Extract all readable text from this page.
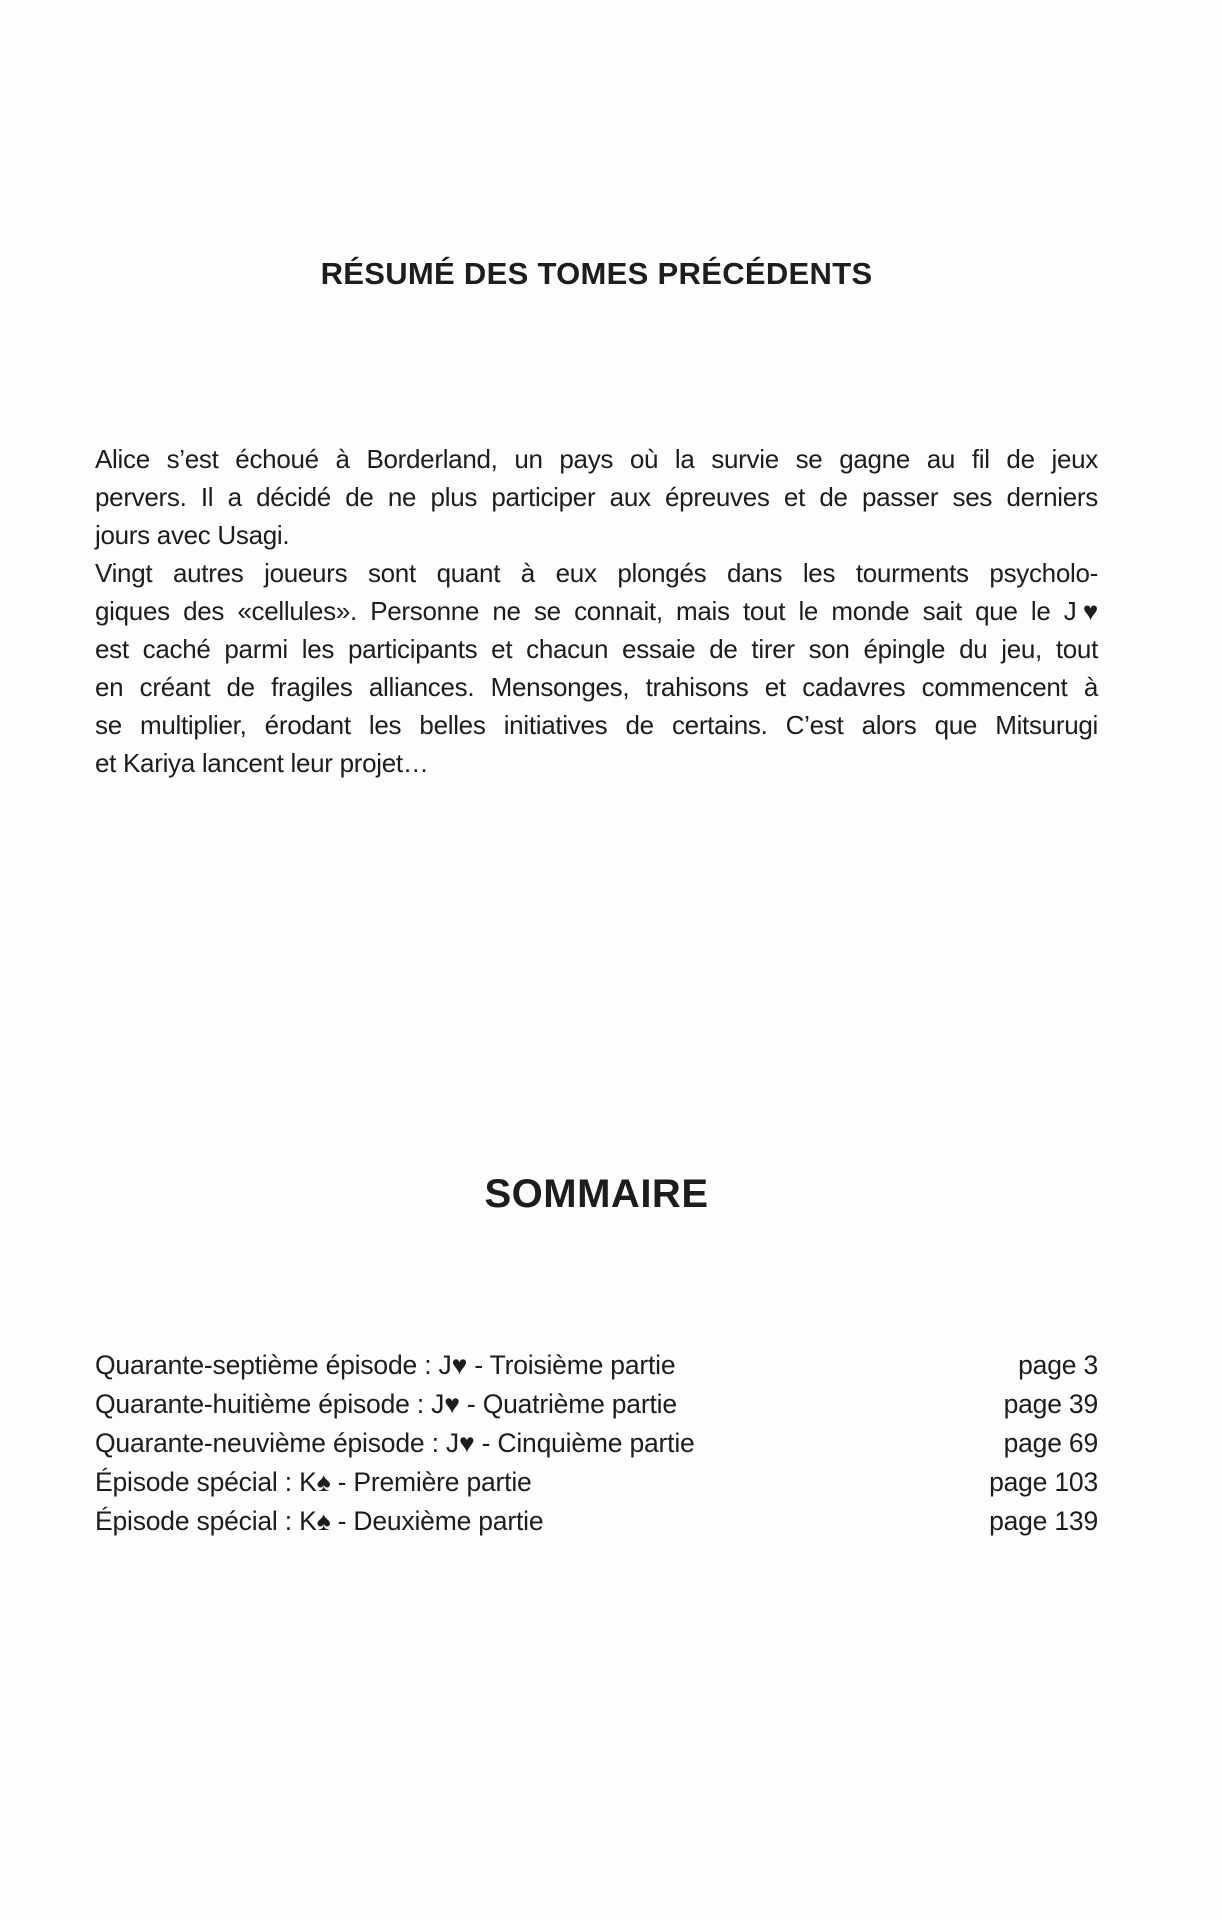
RÉSUMÉ DES TOMES PRÉCÉDENTS
Alice s’est échoué à Borderland, un pays où la survie se gagne au fil de jeux
pervers. Il a décidé de ne plus participer aux épreuves et de passer ses derniers
jours avec Usagi.
Vingt autres joueurs sont quant à eux plongés dans les tourments psycholo-
giques des «cellules». Personne ne se connait, mais tout le monde sait que le J♥
est caché parmi les participants et chacun essaie de tirer son épingle du jeu, tout
en créant de fragiles alliances. Mensonges, trahisons et cadavres commencent à
se multiplier, érodant les belles initiatives de certains. C’est alors que Mitsurugi
et Kariya lancent leur projet…
SOMMAIRE
Quarante-septième épisode : J♥ - Troisième partie	page 3
Quarante-huitième épisode : J♥ - Quatrième partie	page 39
Quarante-neuvième épisode : J♥ - Cinquième partie	page 69
Épisode spécial : K♠ - Première partie	page 103
Épisode spécial : K♠ - Deuxième partie	page 139
